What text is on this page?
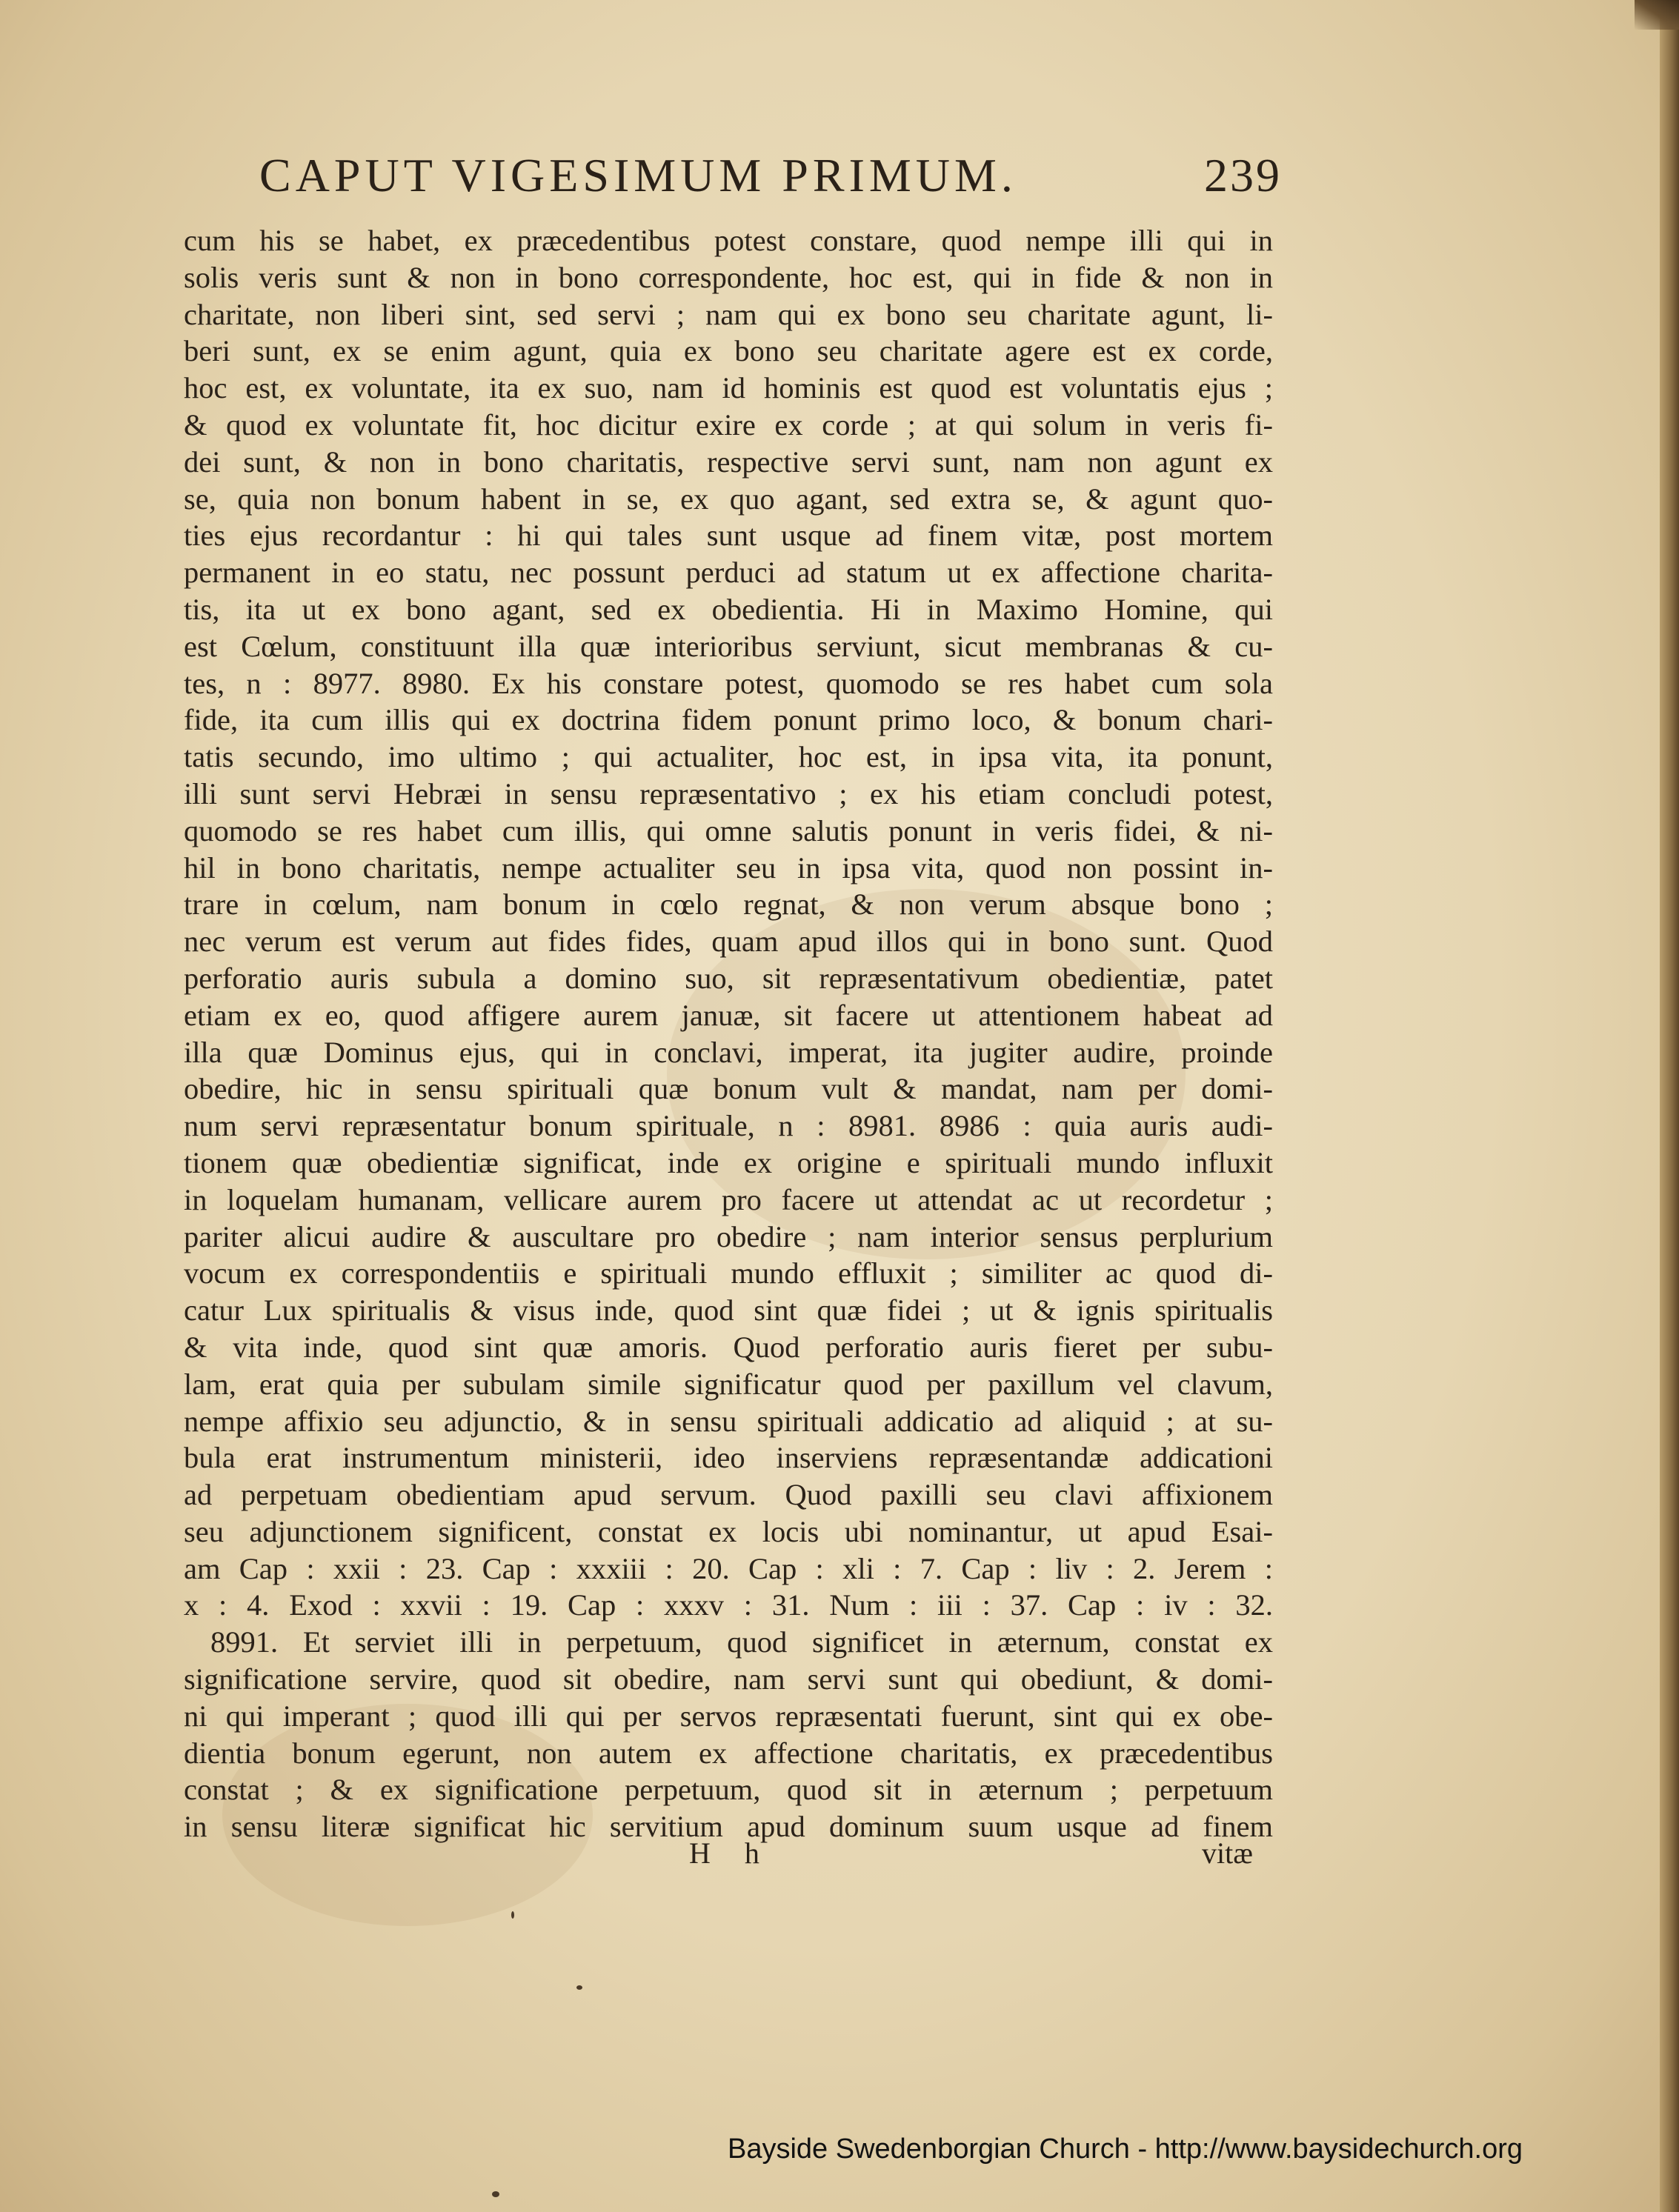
CAPUT VIGESIMUM PRIMUM.	239
cum his se habet, ex præcedentibus potest constare, quod nempe illi qui in
solis veris sunt & non in bono correspondente, hoc est, qui in fide & non in
charitate, non liberi sint, sed servi ; nam qui ex bono seu charitate agunt, li-
beri sunt, ex se enim agunt, quia ex bono seu charitate agere est ex corde,
hoc est, ex voluntate, ita ex suo, nam id hominis est quod est voluntatis ejus ;
& quod ex voluntate fit, hoc dicitur exire ex corde ; at qui solum in veris fi-
dei sunt, & non in bono charitatis, respective servi sunt, nam non agunt ex
se, quia non bonum habent in se, ex quo agant, sed extra se, & agunt quo-
ties ejus recordantur : hi qui tales sunt usque ad finem vitæ, post mortem
permanent in eo statu, nec possunt perduci ad statum ut ex affectione charita-
tis, ita ut ex bono agant, sed ex obedientia. Hi in Maximo Homine, qui
est Cœlum, constituunt illa quæ interioribus serviunt, sicut membranas & cu-
tes, n : 8977. 8980. Ex his constare potest, quomodo se res habet cum sola
fide, ita cum illis qui ex doctrina fidem ponunt primo loco, & bonum chari-
tatis secundo, imo ultimo ; qui actualiter, hoc est, in ipsa vita, ita ponunt,
illi sunt servi Hebræi in sensu repræsentativo ; ex his etiam concludi potest,
quomodo se res habet cum illis, qui omne salutis ponunt in veris fidei, & ni-
hil in bono charitatis, nempe actualiter seu in ipsa vita, quod non possint in-
trare in cœlum, nam bonum in cœlo regnat, & non verum absque bono ;
nec verum est verum aut fides fides, quam apud illos qui in bono sunt. Quod
perforatio auris subula a domino suo, sit repræsentativum obedientiæ, patet
etiam ex eo, quod affigere aurem januæ, sit facere ut attentionem habeat ad
illa quæ Dominus ejus, qui in conclavi, imperat, ita jugiter audire, proinde
obedire, hic in sensu spirituali quæ bonum vult & mandat, nam per domi-
num servi repræsentatur bonum spirituale, n : 8981. 8986 : quia auris audi-
tionem quæ obedientiæ significat, inde ex origine e spirituali mundo influxit
in loquelam humanam, vellicare aurem pro facere ut attendat ac ut recordetur ;
pariter alicui audire & auscultare pro obedire ; nam interior sensus perplurium
vocum ex correspondentiis e spirituali mundo effluxit ; similiter ac quod di-
catur Lux spiritualis & visus inde, quod sint quæ fidei ; ut & ignis spiritualis
& vita inde, quod sint quæ amoris. Quod perforatio auris fieret per subu-
lam, erat quia per subulam simile significatur quod per paxillum vel clavum,
nempe affixio seu adjunctio, & in sensu spirituali addicatio ad aliquid ; at su-
bula erat instrumentum ministerii, ideo inserviens repræsentandæ addicationi
ad perpetuam obedientiam apud servum. Quod paxilli seu clavi affixionem
seu adjunctionem significent, constat ex locis ubi nominantur, ut apud Esai-
am Cap : xxii : 23. Cap : xxxiii : 20. Cap : xli : 7. Cap : liv : 2. Jerem :
x : 4. Exod : xxvii : 19. Cap : xxxv : 31. Num : iii : 37. Cap : iv : 32.
8991. Et serviet illi in perpetuum, quod significet in æternum, constat ex
significatione servire, quod sit obedire, nam servi sunt qui obediunt, & domi-
ni qui imperant ; quod illi qui per servos repræsentati fuerunt, sint qui ex obe-
dientia bonum egerunt, non autem ex affectione charitatis, ex præcedentibus
constat ; & ex significatione perpetuum, quod sit in æternum ; perpetuum
in sensu literæ significat hic servitium apud dominum suum usque ad finem
H h	vitæ
Bayside Swedenborgian Church - http://www.baysidechurch.org
